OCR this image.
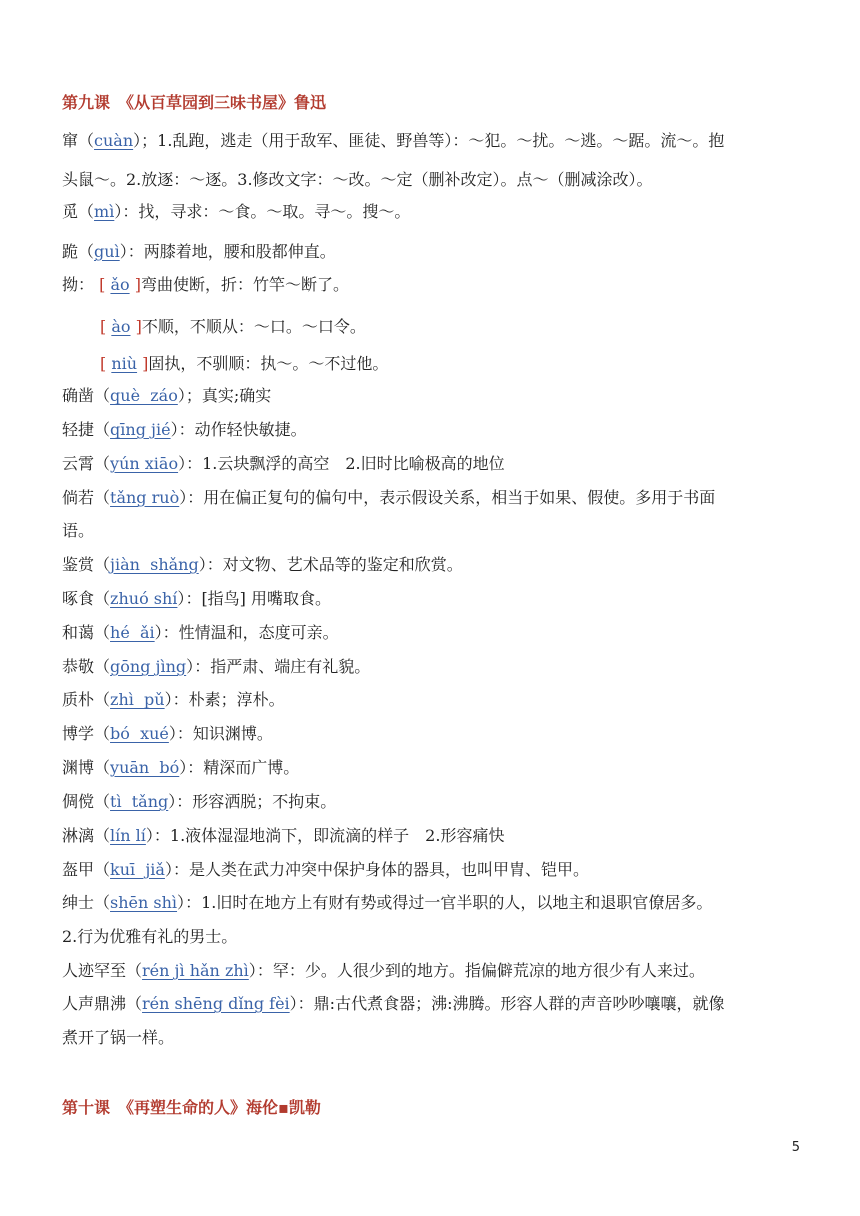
第九课　《从百草园到三味书屋》鲁迅
窜（cuàn）；1.乱跑，逃走（用于敌军、匪徒、野兽等）：～犯。～扰。～逃。～踞。流～。抱
头鼠～。2.放逐：～逐。3.修改文字：～改。～定（删补改定）。点～（删减涂改）。
觅（mì）：找，寻求：～食。～取。寻～。搜～。
跪（guì）：两膝着地，腰和股都伸直。
拗： [ ǎo ]弯曲使断，折：竹竿～断了。
[ ào ]不顺，不顺从：～口。～口令。
[ niù ]固执，不驯顺：执～。～不过他。
确凿（què  záo）；真实;确实
轻捷（qīng jié）：动作轻快敏捷。
云霄（yún xiāo）：1.云块飘浮的高空　2.旧时比喻极高的地位
倘若（tǎng ruò）：用在偏正复句的偏句中，表示假设关系，相当于如果、假使。多用于书面
语。
鉴赏（jiàn  shǎng）：对文物、艺术品等的鉴定和欣赏。
啄食（zhuó shí）：[指鸟] 用嘴取食。
和蔼（hé  ǎi）：性情温和，态度可亲。
恭敬（gōng jìng）：指严肃、端庄有礼貌。
质朴（zhì  pǔ）：朴素；淳朴。
博学（bó  xué）：知识渊博。
渊博（yuān  bó）：精深而广博。
倜傥（tì  tǎng）：形容洒脱；不拘束。
淋漓（lín lí）：1.液体湿湿地淌下，即流滴的样子　2.形容痛快
盔甲（kuī  jiǎ）：是人类在武力冲突中保护身体的器具，也叫甲胄、铠甲。
绅士（shēn shì）：1.旧时在地方上有财有势或得过一官半职的人，以地主和退职官僚居多。
2.行为优雅有礼的男士。
人迹罕至（rén jì hǎn zhì）：罕：少。人很少到的地方。指偏僻荒凉的地方很少有人来过。
人声鼎沸（rén shēng dǐng fèi）：鼎:古代煮食器；沸:沸腾。形容人群的声音吵吵嚷嚷，就像
煮开了锅一样。
第十课　《再塑生命的人》海伦▪凯勒
5
